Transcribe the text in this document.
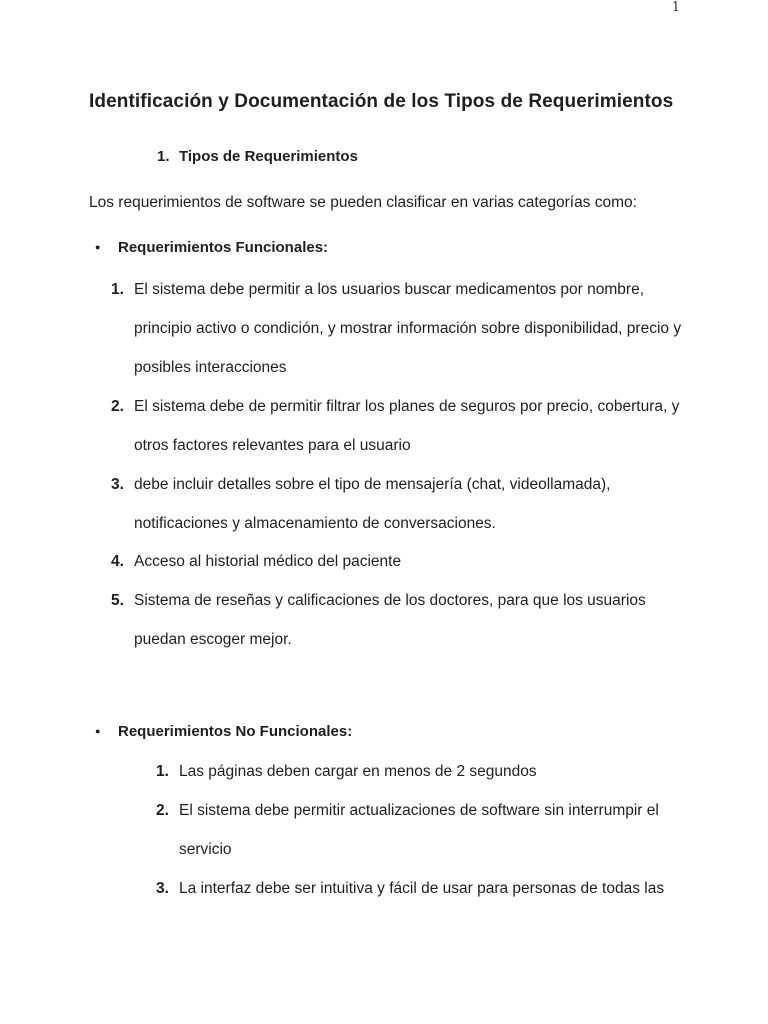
1
Identificación y Documentación de los Tipos de Requerimientos
1. Tipos de Requerimientos
Los requerimientos de software se pueden clasificar en varias categorías como:
● Requerimientos Funcionales:
1. El sistema debe permitir a los usuarios buscar medicamentos por nombre, principio activo o condición, y mostrar información sobre disponibilidad, precio y posibles interacciones
2. El sistema debe de permitir filtrar los planes de seguros por precio, cobertura, y otros factores relevantes para el usuario
3. debe incluir detalles sobre el tipo de mensajería (chat, videollamada), notificaciones y almacenamiento de conversaciones.
4. Acceso al historial médico del paciente
5. Sistema de reseñas y calificaciones de los doctores, para que los usuarios puedan escoger mejor.
● Requerimientos No Funcionales:
1. Las páginas deben cargar en menos de 2 segundos
2. El sistema debe permitir actualizaciones de software sin interrumpir el servicio
3. La interfaz debe ser intuitiva y fácil de usar para personas de todas las
